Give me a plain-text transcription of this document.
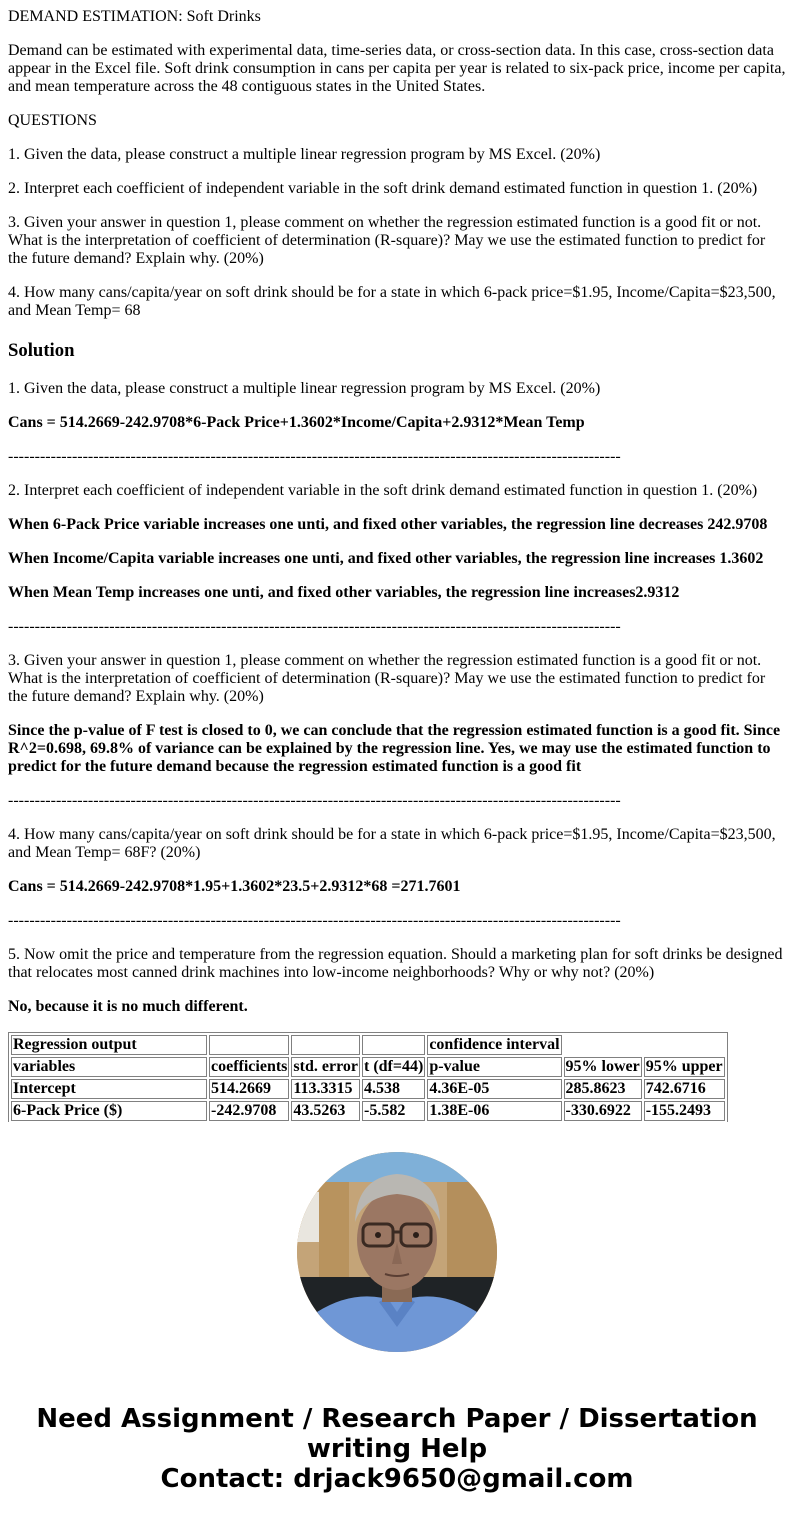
DEMAND ESTIMATION: Soft Drinks

Demand can be estimated with experimental data, time-series data, or cross-section data. In this case, cross-section data appear in the Excel file. Soft drink consumption in cans per capita per year is related to six-pack price, income per capita, and mean temperature across the 48 contiguous states in the United States.

QUESTIONS

1. Given the data, please construct a multiple linear regression program by MS Excel. (20%)

2. Interpret each coefficient of independent variable in the soft drink demand estimated function in question 1. (20%)

3. Given your answer in question 1, please comment on whether the regression estimated function is a good fit or not. What is the interpretation of coefficient of determination (R-square)? May we use the estimated function to predict for the future demand? Explain why. (20%)

4. How many cans/capita/year on soft drink should be for a state in which 6-pack price=$1.95, Income/Capita=$23,500, and Mean Temp= 68

Solution

1. Given the data, please construct a multiple linear regression program by MS Excel. (20%)

Cans = 514.2669-242.9708*6-Pack Price+1.3602*Income/Capita+2.9312*Mean Temp

-------------------------------------------------------------------------------------------------------------------

2. Interpret each coefficient of independent variable in the soft drink demand estimated function in question 1. (20%)

When 6-Pack Price variable increases one unti, and fixed other variables, the regression line decreases 242.9708

When Income/Capita variable increases one unti, and fixed other variables, the regression line increases 1.3602

When Mean Temp increases one unti, and fixed other variables, the regression line increases2.9312

-------------------------------------------------------------------------------------------------------------------

3. Given your answer in question 1, please comment on whether the regression estimated function is a good fit or not. What is the interpretation of coefficient of determination (R-square)? May we use the estimated function to predict for the future demand? Explain why. (20%)

Since the p-value of F test is closed to 0, we can conclude that the regression estimated function is a good fit. Since R^2=0.698, 69.8% of variance can be explained by the regression line. Yes, we may use the estimated function to predict for the future demand because the regression estimated function is a good fit

-------------------------------------------------------------------------------------------------------------------

4. How many cans/capita/year on soft drink should be for a state in which 6-pack price=$1.95, Income/Capita=$23,500, and Mean Temp= 68F? (20%)

Cans = 514.2669-242.9708*1.95+1.3602*23.5+2.9312*68 =271.7601

-------------------------------------------------------------------------------------------------------------------

5. Now omit the price and temperature from the regression equation. Should a marketing plan for soft drinks be designed that relocates most canned drink machines into low-income neighborhoods? Why or why not? (20%)

No, because it is no much different.

Regression output				confidence interval		
variables	coefficients	std. error	t (df=44)	p-value	95% lower	95% upper
Intercept	514.2669	113.3315	4.538	4.36E-05	285.8623	742.6716
6-Pack Price ($)	-242.9708	43.5263	-5.582	1.38E-06	-330.6922	-155.2493

Need Assignment / Research Paper / Dissertation
writing Help
Contact: drjack9650@gmail.com
